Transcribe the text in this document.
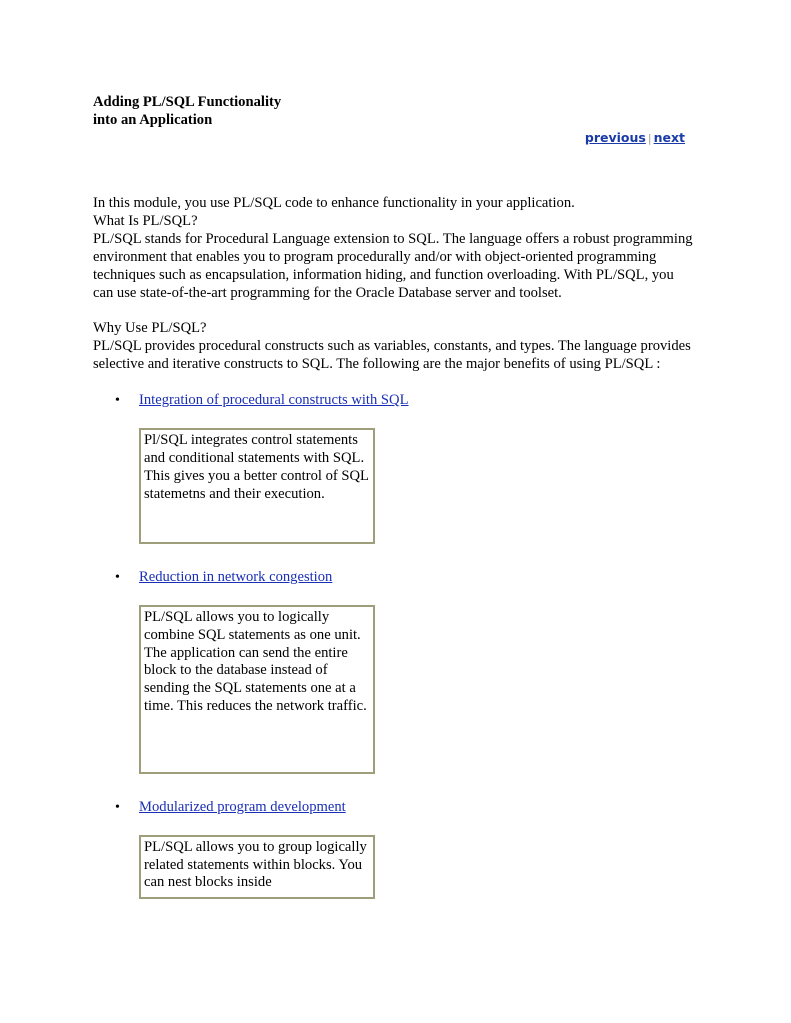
Adding PL/SQL Functionality
into an Application
previous | next

In this module, you use PL/SQL code to enhance functionality in your application.

What Is PL/SQL?

PL/SQL stands for Procedural Language extension to SQL. The language offers a robust programming environment that enables you to program procedurally and/or with object-oriented programming techniques such as encapsulation, information hiding, and function overloading. With PL/SQL, you can use state-of-the-art programming for the Oracle Database server and toolset.

Why Use PL/SQL?

PL/SQL provides procedural constructs such as variables, constants, and types. The language provides selective and iterative constructs to SQL. The following are the major benefits of using PL/SQL :

• Integration of procedural constructs with SQL
Pl/SQL integrates control statements and conditional statements with SQL. This gives you a better control of SQL statemetns and their execution.
• Reduction in network congestion
PL/SQL allows you to logically combine SQL statements as one unit. The application can send the entire block to the database instead of sending the SQL statements one at a time. This reduces the network traffic.
• Modularized program development
PL/SQL allows you to group logically related statements within blocks. You can nest blocks inside
